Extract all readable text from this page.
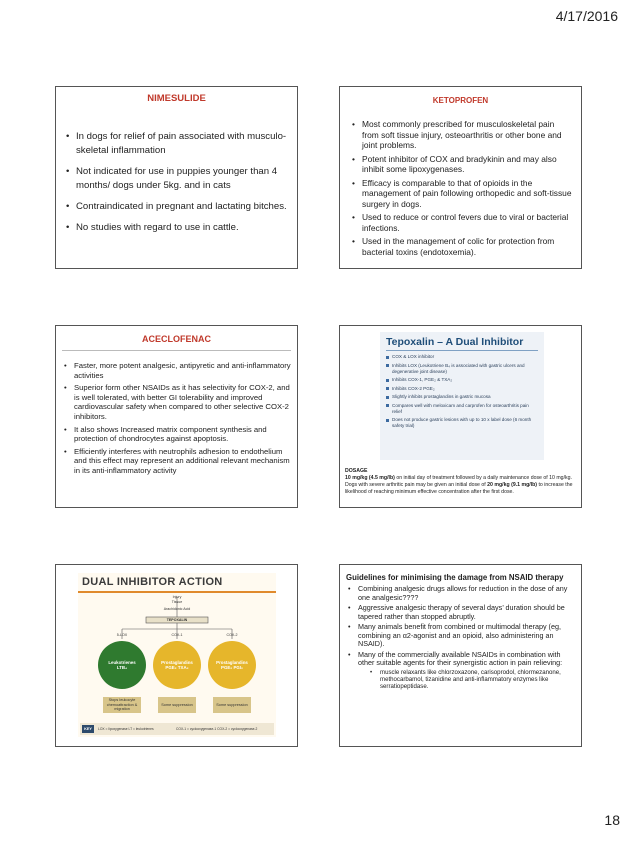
4/17/2016
NIMESULIDE
• In dogs for relief of pain associated with musculo-skeletal inflammation
• Not indicated for use in puppies younger than 4 months/ dogs under 5kg. and in cats
• Contraindicated in pregnant and lactating bitches.
• No studies with regard to use in cattle.
KETOPROFEN
• Most commonly prescribed for musculoskeletal pain from soft tissue injury, osteoarthritis or other bone and joint problems.
• Potent inhibitor of COX and bradykinin and may also inhibit some lipoxygenases.
• Efficacy is comparable to that of opioids in the management of pain following orthopedic and soft-tissue surgery in dogs.
• Used to reduce or control fevers due to viral or bacterial infections.
• Used in the management of colic for protection from bacterial toxins (endotoxemia).
ACECLOFENAC
• Faster, more potent analgesic, antipyretic and anti-inflammatory activities
• Superior form other NSAIDs as it has selectivity for COX-2, and is well tolerated, with better GI tolerability and improved cardiovascular safety when compared to other selective COX-2 inhibitors.
• It also shows Increased matrix component synthesis and protection of chondrocytes against apoptosis.
• Efficiently interferes with neutrophils adhesion to endothelium and this effect may represent an additional relevant mechanism in its anti-inflammatory activity
Tepoxalin – A Dual Inhibitor
COX & LOX inhibitor
Inhibits LOX (Leukotriene B₄ is associated with gastric ulcers and degenerative joint disease)
Inhibits COX-1, PGE₂ & TXA₂
Inhibits COX-2 PGE₂
Slightly inhibits prostaglandins in gastric mucosa
Compares well with meloxicam and carprofen for osteoarthritis pain relief
Does not produce gastric lesions with up to 10 x label dose (6 month safety trial)
DOSAGE
10 mg/kg (4.5 mg/lb) on initial day of treatment followed by a daily maintenance dose of 10 mg/kg. Dogs with severe arthritic pain may be given an initial dose of 20 mg/kg (9.1 mg/lb) to increase the likelihood of reaching minimum effective concentration after the first dose.
DUAL INHIBITOR ACTION
Injury
Tissue
Arachidonic Acid
TEPOXALIN
5-LOX	COX-1	COX-2
Leukotrienes
LTB₄
Prostaglandins
PGE₂ TXA₂
Prostaglandins
PGE₂ PGI₂
Stops leukocyte chemoattraction & migration
Some suppression	Some suppression
KEY	LOX = lipoxygenase LT = leukotrienes	COX-1 = cyclooxygenase-1 COX-2 = cyclooxygenase-2
Guidelines for minimising the damage from NSAID therapy
• Combining analgesic drugs allows for reduction in the dose of any one analgesic????
• Aggressive analgesic therapy of several days’ duration should be tapered rather than stopped abruptly.
• Many animals benefit from combined or multimodal therapy (eg, combining an α2-agonist and an opioid, also administering an NSAID).
• Many of the commercially available NSAIDs in combination with other suitable agents for their synergistic action in pain relieving:
• muscle relaxants like chlorzoxazone, carisoprodol, chlormezanone, methocarbamol, tizanidine and anti-inflammatory enzymes like serratiopeptidase.
18
